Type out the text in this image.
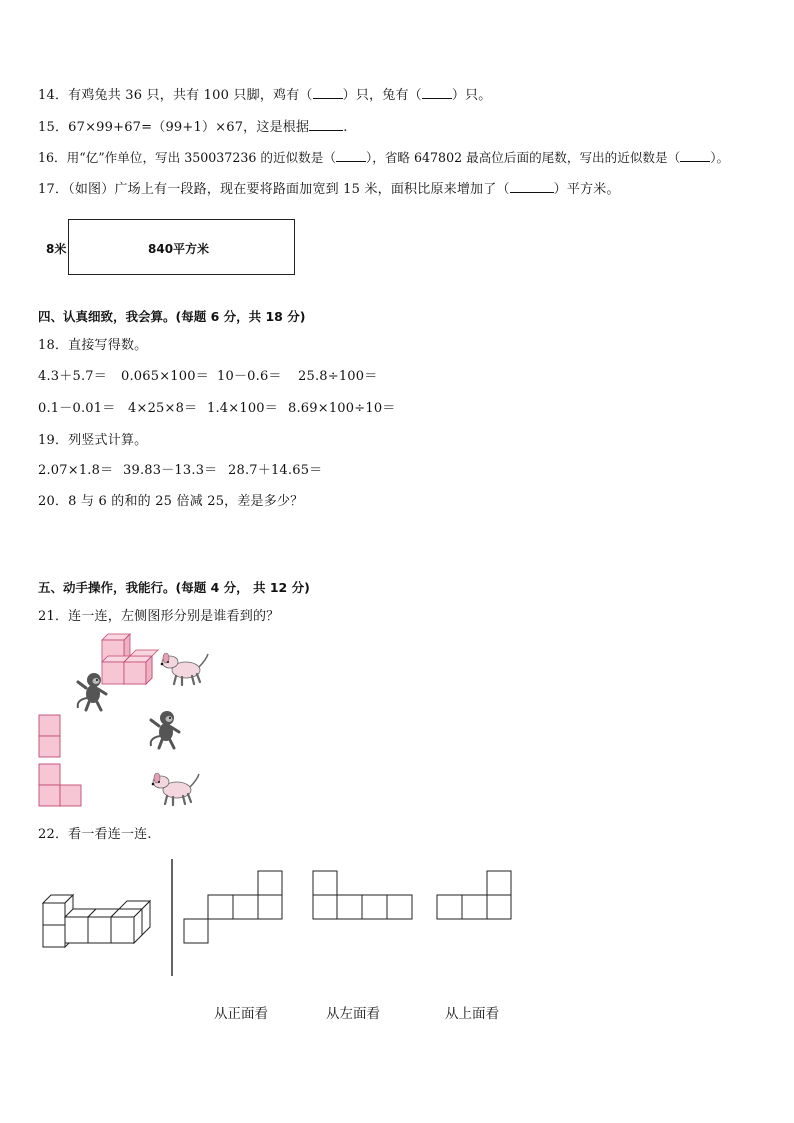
14．有鸡兔共 36 只，共有 100 只脚，鸡有（ ）只，兔有（ ）只。
15．67×99+67=（99+1）×67，这是根据	.
16．用“亿”作单位，写出 350037236 的近似数是（ ），省略 647802 最高位后面的尾数，写出的近似数是（ ）。
17．（如图）广场上有一段路，现在要将路面加宽到 15 米，面积比原来增加了（	）平方米。
8米	840平方米
四、认真细致，我会算。(每题 6 分，共 18 分)
18．直接写得数。
4.3＋5.7＝ 0.065×100＝ 10－0.6＝ 25.8÷100＝
0.1－0.01＝ 4×25×8＝ 1.4×100＝ 8.69×100÷10＝
19．列竖式计算。
2.07×1.8＝ 39.83－13.3＝ 28.7＋14.65＝
20．8 与 6 的和的 25 倍减 25，差是多少？
五、动手操作，我能行。(每题 4 分， 共 12 分)
21．连一连，左侧图形分别是谁看到的？
22．看一看连一连.
从正面看	从左面看	从上面看
